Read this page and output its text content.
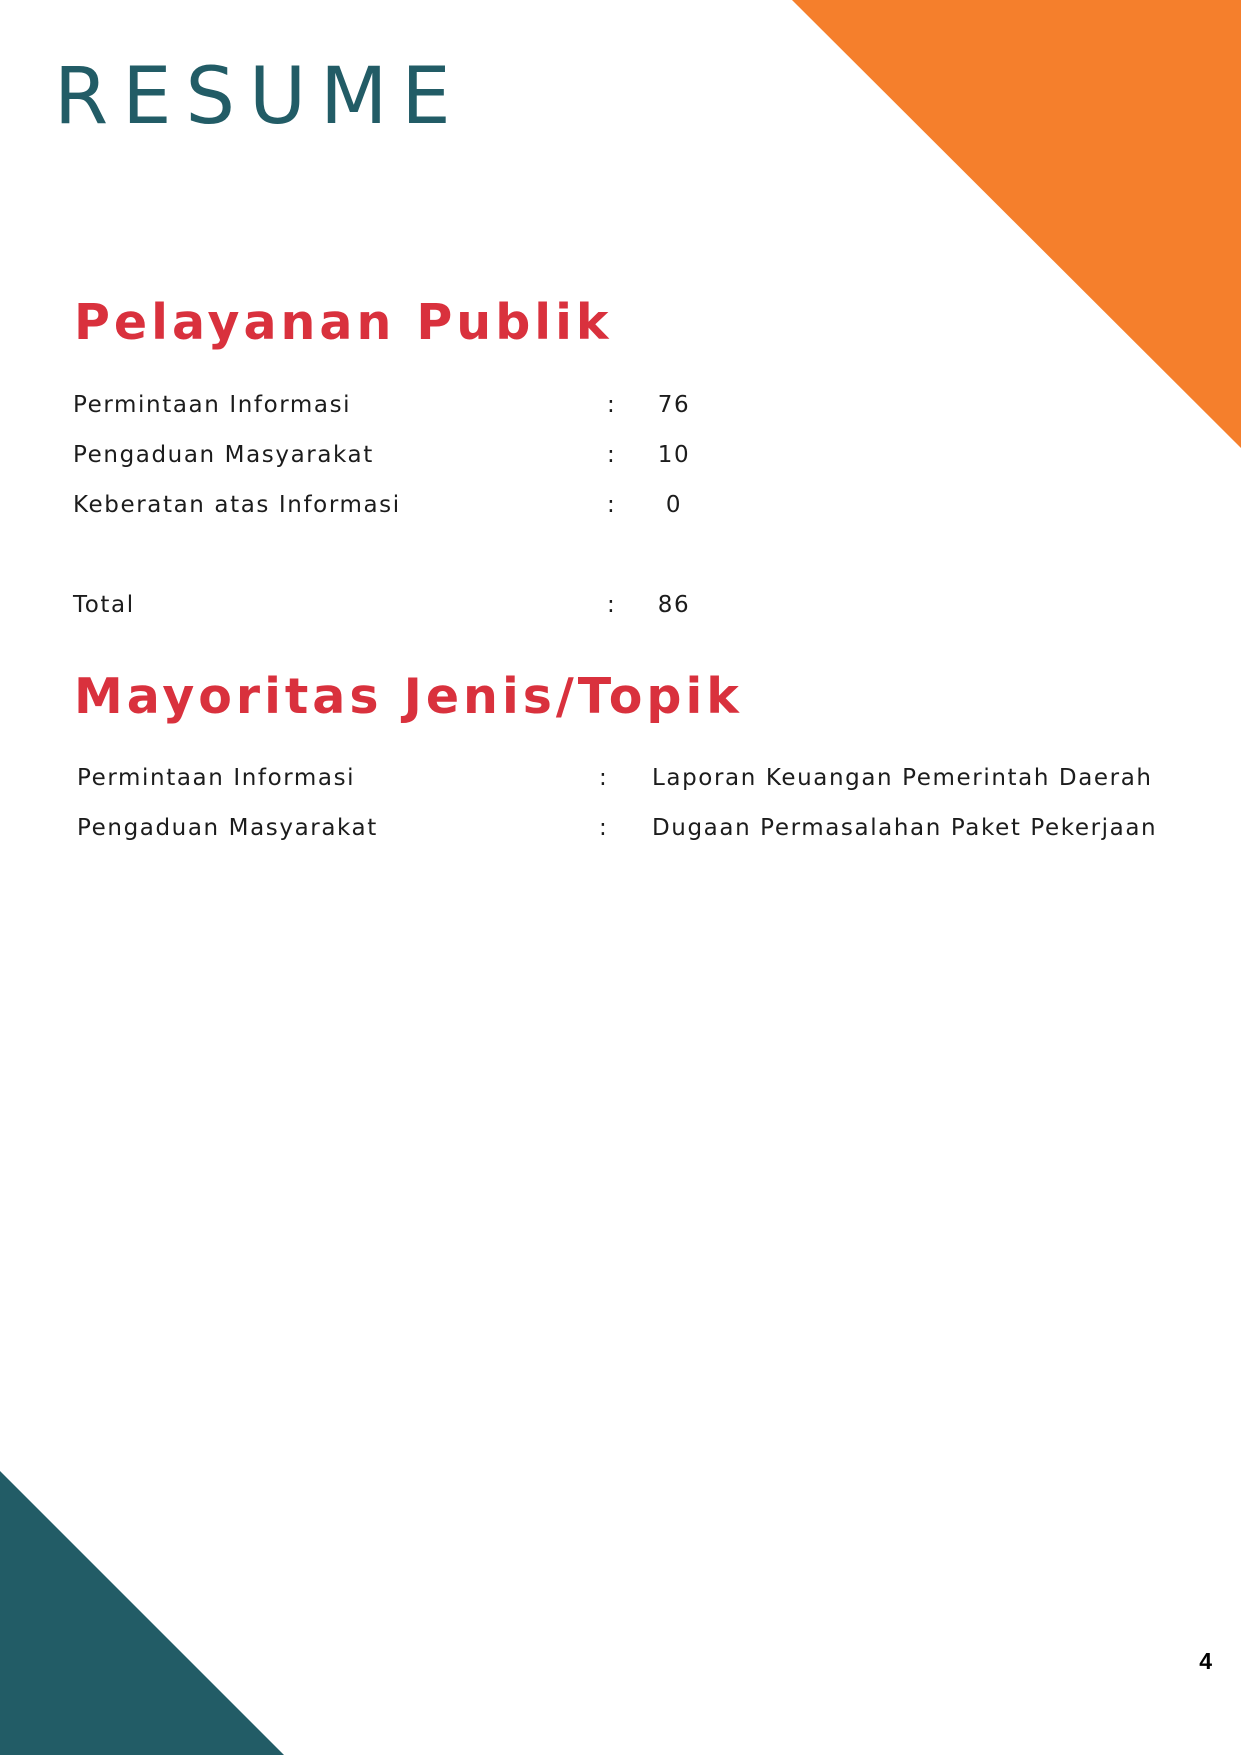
RESUME
Pelayanan Publik
Permintaan Informasi	: 76
Pengaduan Masyarakat	: 10
Keberatan atas Informasi	:	0
Total	: 86
Mayoritas Jenis/Topik
Permintaan Informasi	: Laporan Keuangan Pemerintah Daerah
Pengaduan Masyarakat	: Dugaan Permasalahan Paket Pekerjaan
4
